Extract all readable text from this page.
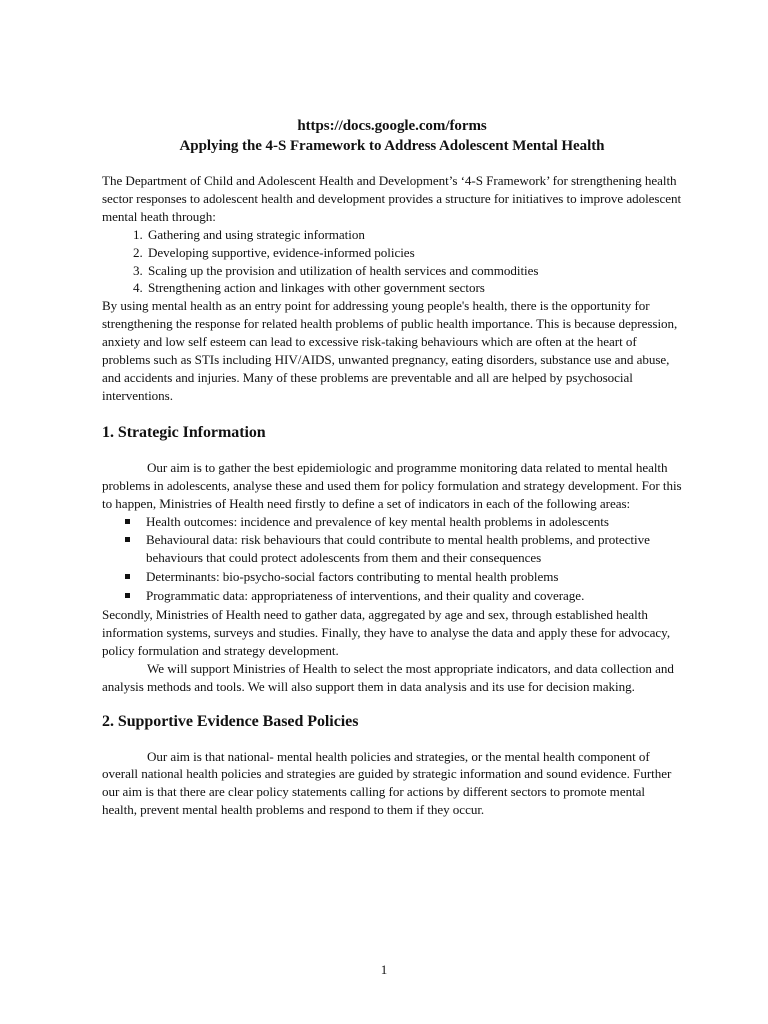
https://docs.google.com/forms
Applying the 4-S Framework to Address Adolescent Mental Health

The Department of Child and Adolescent Health and Development’s ‘4-S Framework’ for strengthening health sector responses to adolescent health and development provides a structure for initiatives to improve adolescent mental heath through:

1. Gathering and using strategic information
2. Developing supportive, evidence-informed policies
3. Scaling up the provision and utilization of health services and commodities
4. Strengthening action and linkages with other government sectors

By using mental health as an entry point for addressing young people's health, there is the opportunity for strengthening the response for related health problems of public health importance. This is because depression, anxiety and low self esteem can lead to excessive risk-taking behaviours which are often at the heart of problems such as STIs including HIV/AIDS, unwanted pregnancy, eating disorders, substance use and abuse, and accidents and injuries. Many of these problems are preventable and all are helped by psychosocial interventions.

1. Strategic Information

Our aim is to gather the best epidemiologic and programme monitoring data related to mental health problems in adolescents, analyse these and used them for policy formulation and strategy development. For this to happen, Ministries of Health need firstly to define a set of indicators in each of the following areas:

Health outcomes: incidence and prevalence of key mental health problems in adolescents
Behavioural data: risk behaviours that could contribute to mental health problems, and protective behaviours that could protect adolescents from them and their consequences
Determinants: bio-psycho-social factors contributing to mental health problems
Programmatic data: appropriateness of interventions, and their quality and coverage.

Secondly, Ministries of Health need to gather data, aggregated by age and sex, through established health information systems, surveys and studies. Finally, they have to analyse the data and apply these for advocacy, policy formulation and strategy development.

We will support Ministries of Health to select the most appropriate indicators, and data collection and analysis methods and tools. We will also support them in data analysis and its use for decision making.

2. Supportive Evidence Based Policies

Our aim is that national- mental health policies and strategies, or the mental health component of overall national health policies and strategies are guided by strategic information and sound evidence. Further our aim is that there are clear policy statements calling for actions by different sectors to promote mental health, prevent mental health problems and respond to them if they occur.

1
